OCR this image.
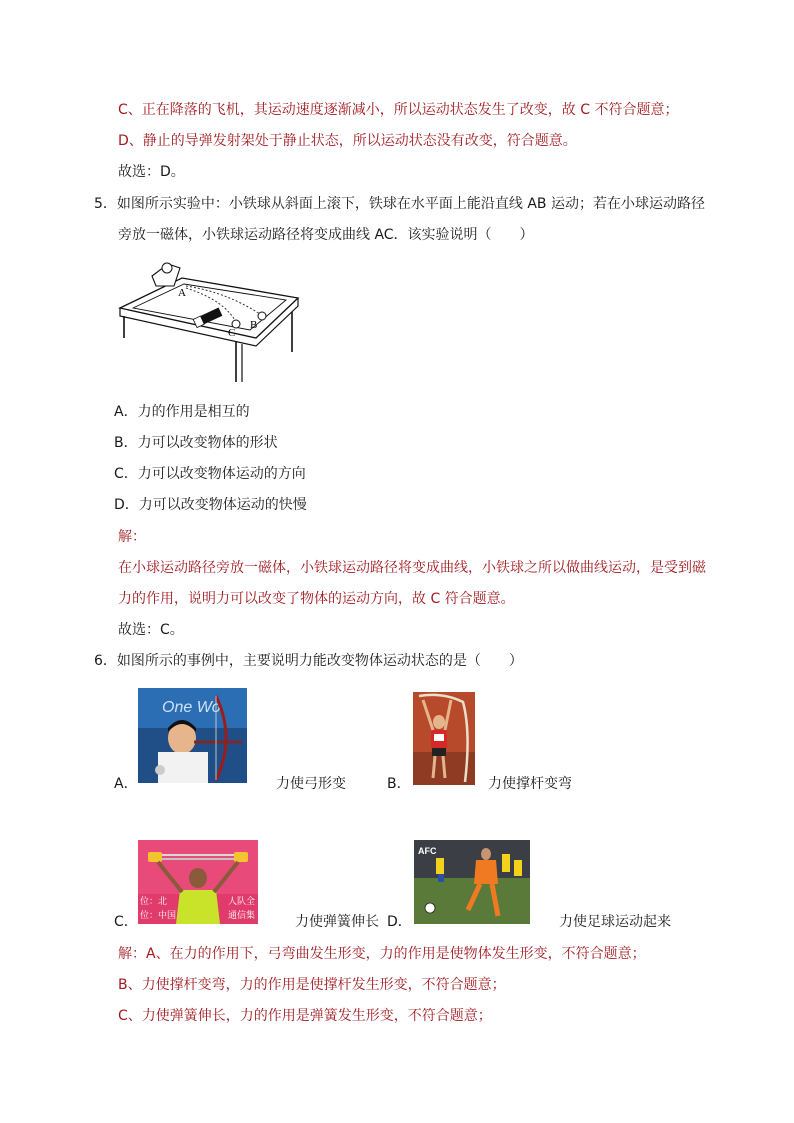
C、正在降落的飞机，其运动速度逐渐减小，所以运动状态发生了改变，故 C 不符合题意；
D、静止的导弹发射架处于静止状态，所以运动状态没有改变，符合题意。
故选：D。
5．如图所示实验中：小铁球从斜面上滚下，铁球在水平面上能沿直线 AB 运动；若在小球运动路径
旁放一磁体，小铁球运动路径将变成曲线 AC．该实验说明（　　）
A
B
C
A．力的作用是相互的
B．力可以改变物体的形状
C．力可以改变物体运动的方向
D．力可以改变物体运动的快慢
解：
在小球运动路径旁放一磁体，小铁球运动路径将变成曲线，小铁球之所以做曲线运动，是受到磁
力的作用，说明力可以改变了物体的运动方向，故 C 符合题意。
故选：C。
6．如图所示的事例中，主要说明力能改变物体运动状态的是（　　）
One Wo
A．	力使弓形变	B．	力使撑杆变弯
位：北
位：中国
人队全
通信集
C．	力使弹簧伸长
AFC
D．	力使足球运动起来
解：A、在力的作用下，弓弯曲发生形变，力的作用是使物体发生形变，不符合题意；
B、力使撑杆变弯，力的作用是使撑杆发生形变，不符合题意；
C、力使弹簧伸长，力的作用是弹簧发生形变，不符合题意；
